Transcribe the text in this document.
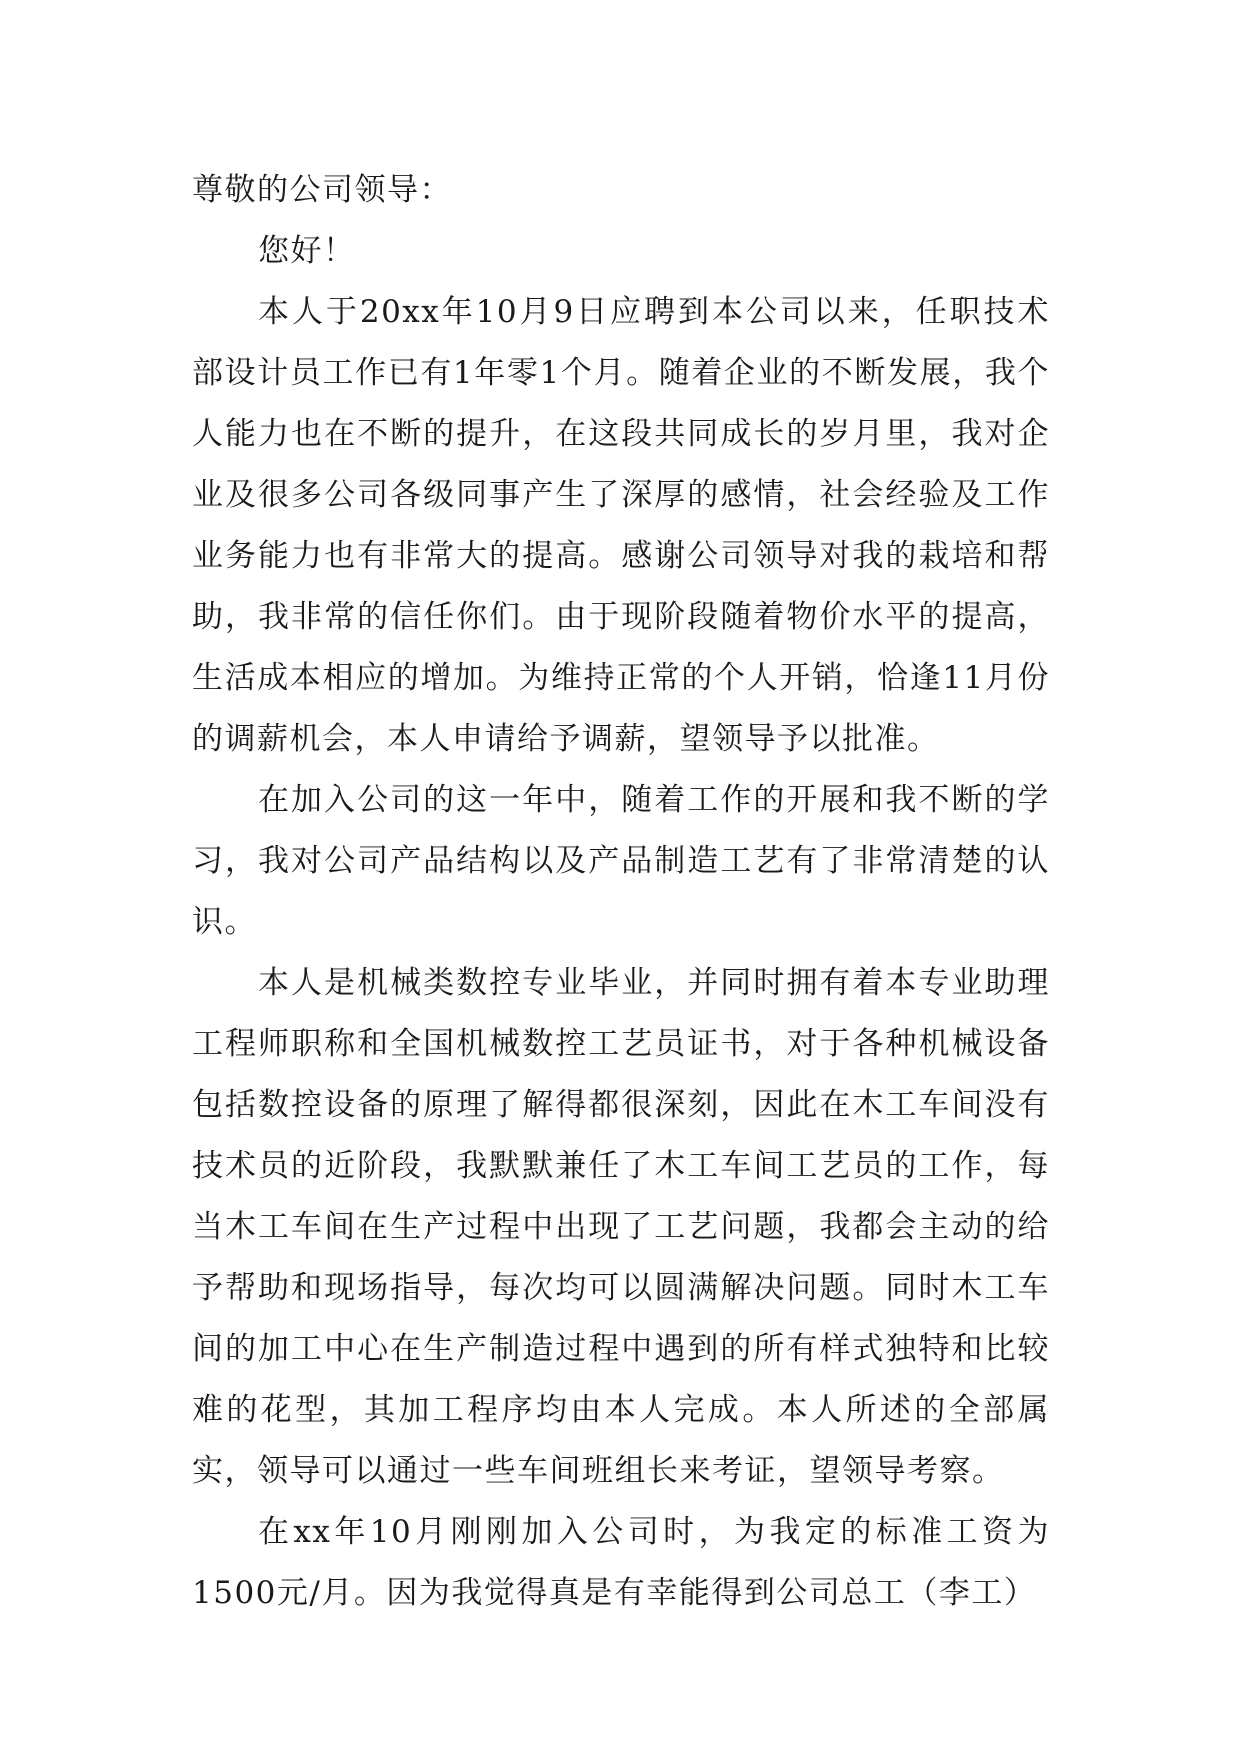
尊敬的公司领导：

您好！

本人于20xx年10月9日应聘到本公司以来，任职技术部设计员工作已有1年零1个月。随着企业的不断发展，我个人能力也在不断的提升，在这段共同成长的岁月里，我对企业及很多公司各级同事产生了深厚的感情，社会经验及工作业务能力也有非常大的提高。感谢公司领导对我的栽培和帮助，我非常的信任你们。由于现阶段随着物价水平的提高，生活成本相应的增加。为维持正常的个人开销，恰逢11月份的调薪机会，本人申请给予调薪，望领导予以批准。

在加入公司的这一年中，随着工作的开展和我不断的学习，我对公司产品结构以及产品制造工艺有了非常清楚的认识。

本人是机械类数控专业毕业，并同时拥有着本专业助理工程师职称和全国机械数控工艺员证书，对于各种机械设备包括数控设备的原理了解得都很深刻，因此在木工车间没有技术员的近阶段，我默默兼任了木工车间工艺员的工作，每当木工车间在生产过程中出现了工艺问题，我都会主动的给予帮助和现场指导，每次均可以圆满解决问题。同时木工车间的加工中心在生产制造过程中遇到的所有样式独特和比较难的花型，其加工程序均由本人完成。本人所述的全部属实，领导可以通过一些车间班组长来考证，望领导考察。

在xx年10月刚刚加入公司时，为我定的标准工资为1500元/月。因为我觉得真是有幸能得到公司总工（李工）
